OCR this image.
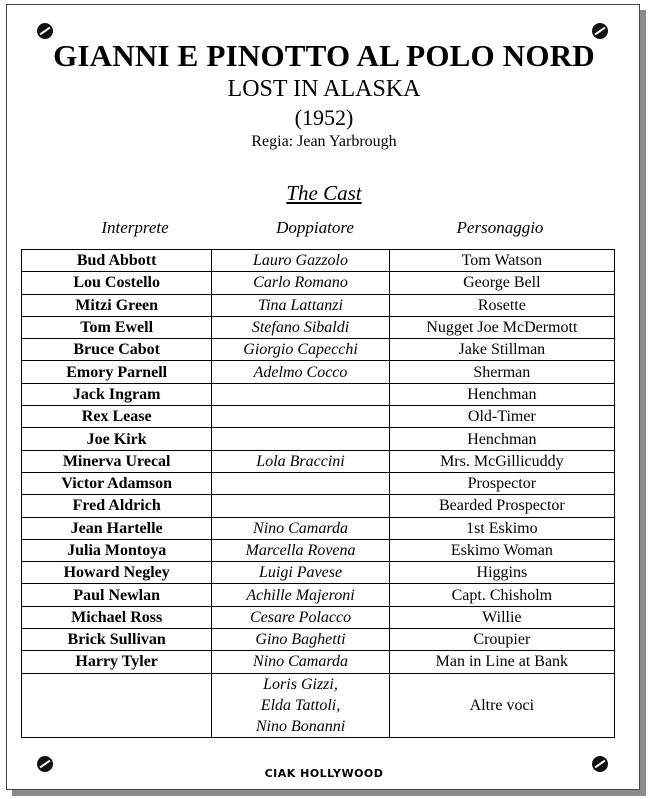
GIANNI E PINOTTO AL POLO NORD
LOST IN ALASKA
(1952)
Regia: Jean Yarbrough
The Cast
Interprete	Doppiatore	Personaggio
Bud Abbott	Lauro Gazzolo	Tom Watson
Lou Costello	Carlo Romano	George Bell
Mitzi Green	Tina Lattanzi	Rosette
Tom Ewell	Stefano Sibaldi	Nugget Joe McDermott
Bruce Cabot	Giorgio Capecchi	Jake Stillman
Emory Parnell	Adelmo Cocco	Sherman
Jack Ingram		Henchman
Rex Lease		Old-Timer
Joe Kirk		Henchman
Minerva Urecal	Lola Braccini	Mrs. McGillicuddy
Victor Adamson		Prospector
Fred Aldrich		Bearded Prospector
Jean Hartelle	Nino Camarda	1st Eskimo
Julia Montoya	Marcella Rovena	Eskimo Woman
Howard Negley	Luigi Pavese	Higgins
Paul Newlan	Achille Majeroni	Capt. Chisholm
Michael Ross	Cesare Polacco	Willie
Brick Sullivan	Gino Baghetti	Croupier
Harry Tyler	Nino Camarda	Man in Line at Bank

	Loris Gizzi,
Elda Tattoli,
Nino Bonanni	Altre voci
CIAK HOLLYWOOD
